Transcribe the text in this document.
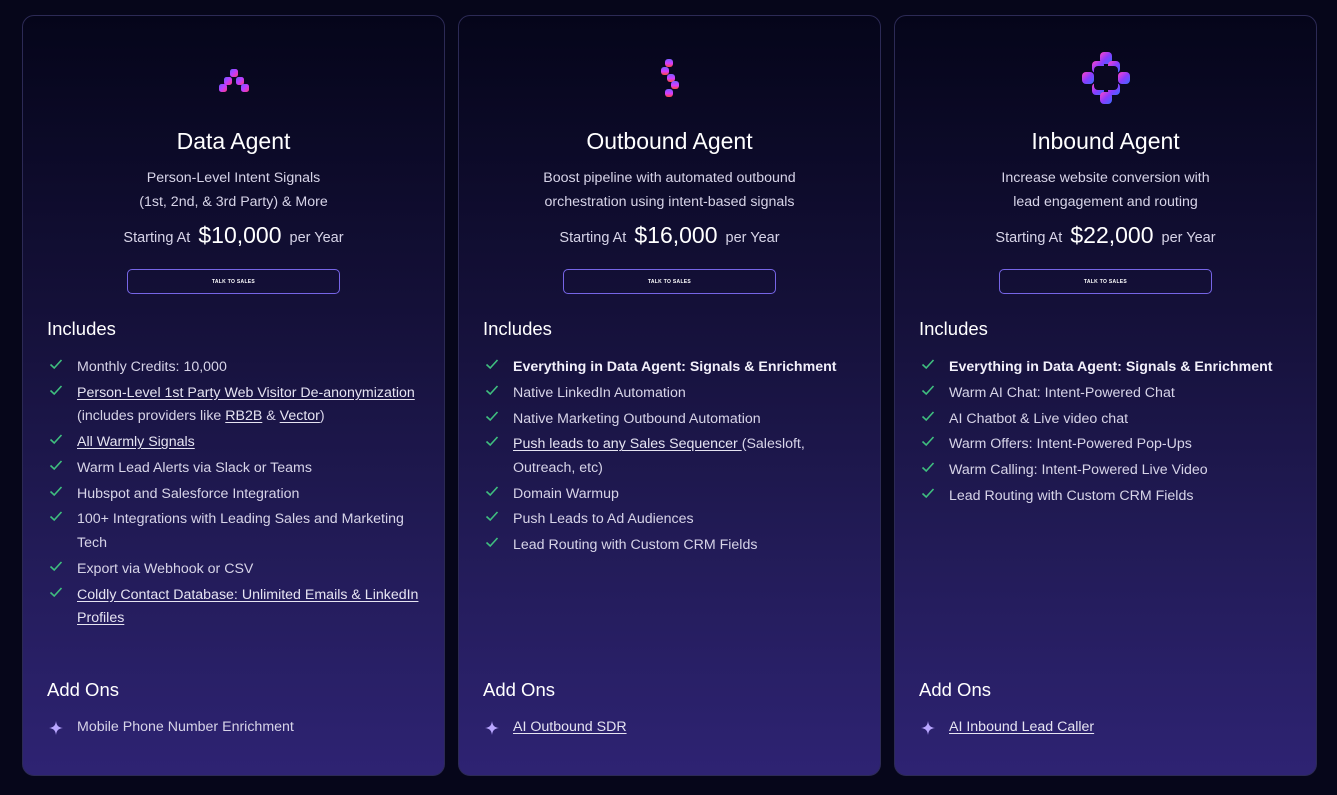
Data Agent
Person-Level Intent Signals
(1st, 2nd, & 3rd Party) & More
Starting At $10,000 per Year
TALK TO SALES
Includes
Monthly Credits: 10,000
Person-Level 1st Party Web Visitor De-anonymization
(includes providers like RB2B & Vector)
All Warmly Signals
Warm Lead Alerts via Slack or Teams
Hubspot and Salesforce Integration
100+ Integrations with Leading Sales and Marketing Tech
Export via Webhook or CSV
Coldly Contact Database: Unlimited Emails & LinkedIn Profiles
Add Ons
Mobile Phone Number Enrichment
Outbound Agent
Boost pipeline with automated outbound
orchestration using intent-based signals
Starting At $16,000 per Year
TALK TO SALES
Includes
Everything in Data Agent: Signals & Enrichment
Native LinkedIn Automation
Native Marketing Outbound Automation
Push leads to any Sales Sequencer (Salesloft, Outreach, etc)
Domain Warmup
Push Leads to Ad Audiences
Lead Routing with Custom CRM Fields
Add Ons
AI Outbound SDR
Inbound Agent
Increase website conversion with
lead engagement and routing
Starting At $22,000 per Year
TALK TO SALES
Includes
Everything in Data Agent: Signals & Enrichment
Warm AI Chat: Intent-Powered Chat
AI Chatbot & Live video chat
Warm Offers: Intent-Powered Pop-Ups
Warm Calling: Intent-Powered Live Video
Lead Routing with Custom CRM Fields
Add Ons
AI Inbound Lead Caller
